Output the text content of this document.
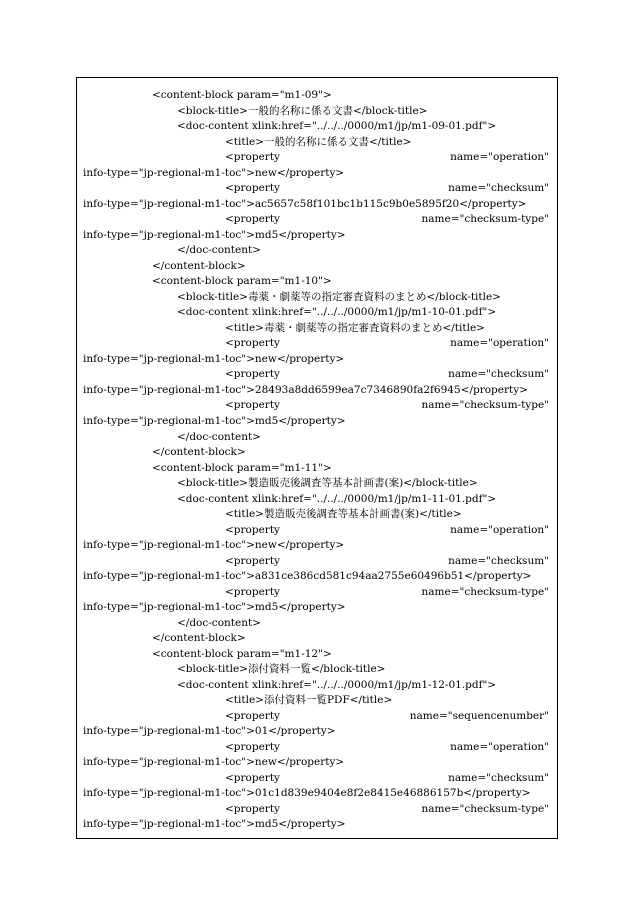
<content-block param="m1-09">
<block-title>一般的名称に係る文書</block-title>
<doc-content xlink:href="../../../0000/m1/jp/m1-09-01.pdf">
<title>一般的名称に係る文書</title>
<property	name="operation"
info-type="jp-regional-m1-toc">new</property>
<property	name="checksum"
info-type="jp-regional-m1-toc">ac5657c58f101bc1b115c9b0e5895f20</property>
<property	name="checksum-type"
info-type="jp-regional-m1-toc">md5</property>
</doc-content>
</content-block>
<content-block param="m1-10">
<block-title>毒薬・劇薬等の指定審査資料のまとめ</block-title>
<doc-content xlink:href="../../../0000/m1/jp/m1-10-01.pdf">
<title>毒薬・劇薬等の指定審査資料のまとめ</title>
<property	name="operation"
info-type="jp-regional-m1-toc">new</property>
<property	name="checksum"
info-type="jp-regional-m1-toc">28493a8dd6599ea7c7346890fa2f6945</property>
<property	name="checksum-type"
info-type="jp-regional-m1-toc">md5</property>
</doc-content>
</content-block>
<content-block param="m1-11">
<block-title>製造販売後調査等基本計画書(案)</block-title>
<doc-content xlink:href="../../../0000/m1/jp/m1-11-01.pdf">
<title>製造販売後調査等基本計画書(案)</title>
<property	name="operation"
info-type="jp-regional-m1-toc">new</property>
<property	name="checksum"
info-type="jp-regional-m1-toc">a831ce386cd581c94aa2755e60496b51</property>
<property	name="checksum-type"
info-type="jp-regional-m1-toc">md5</property>
</doc-content>
</content-block>
<content-block param="m1-12">
<block-title>添付資料一覧</block-title>
<doc-content xlink:href="../../../0000/m1/jp/m1-12-01.pdf">
<title>添付資料一覧PDF</title>
<property	name="sequencenumber"
info-type="jp-regional-m1-toc">01</property>
<property	name="operation"
info-type="jp-regional-m1-toc">new</property>
<property	name="checksum"
info-type="jp-regional-m1-toc">01c1d839e9404e8f2e8415e46886157b</property>
<property	name="checksum-type"
info-type="jp-regional-m1-toc">md5</property>
